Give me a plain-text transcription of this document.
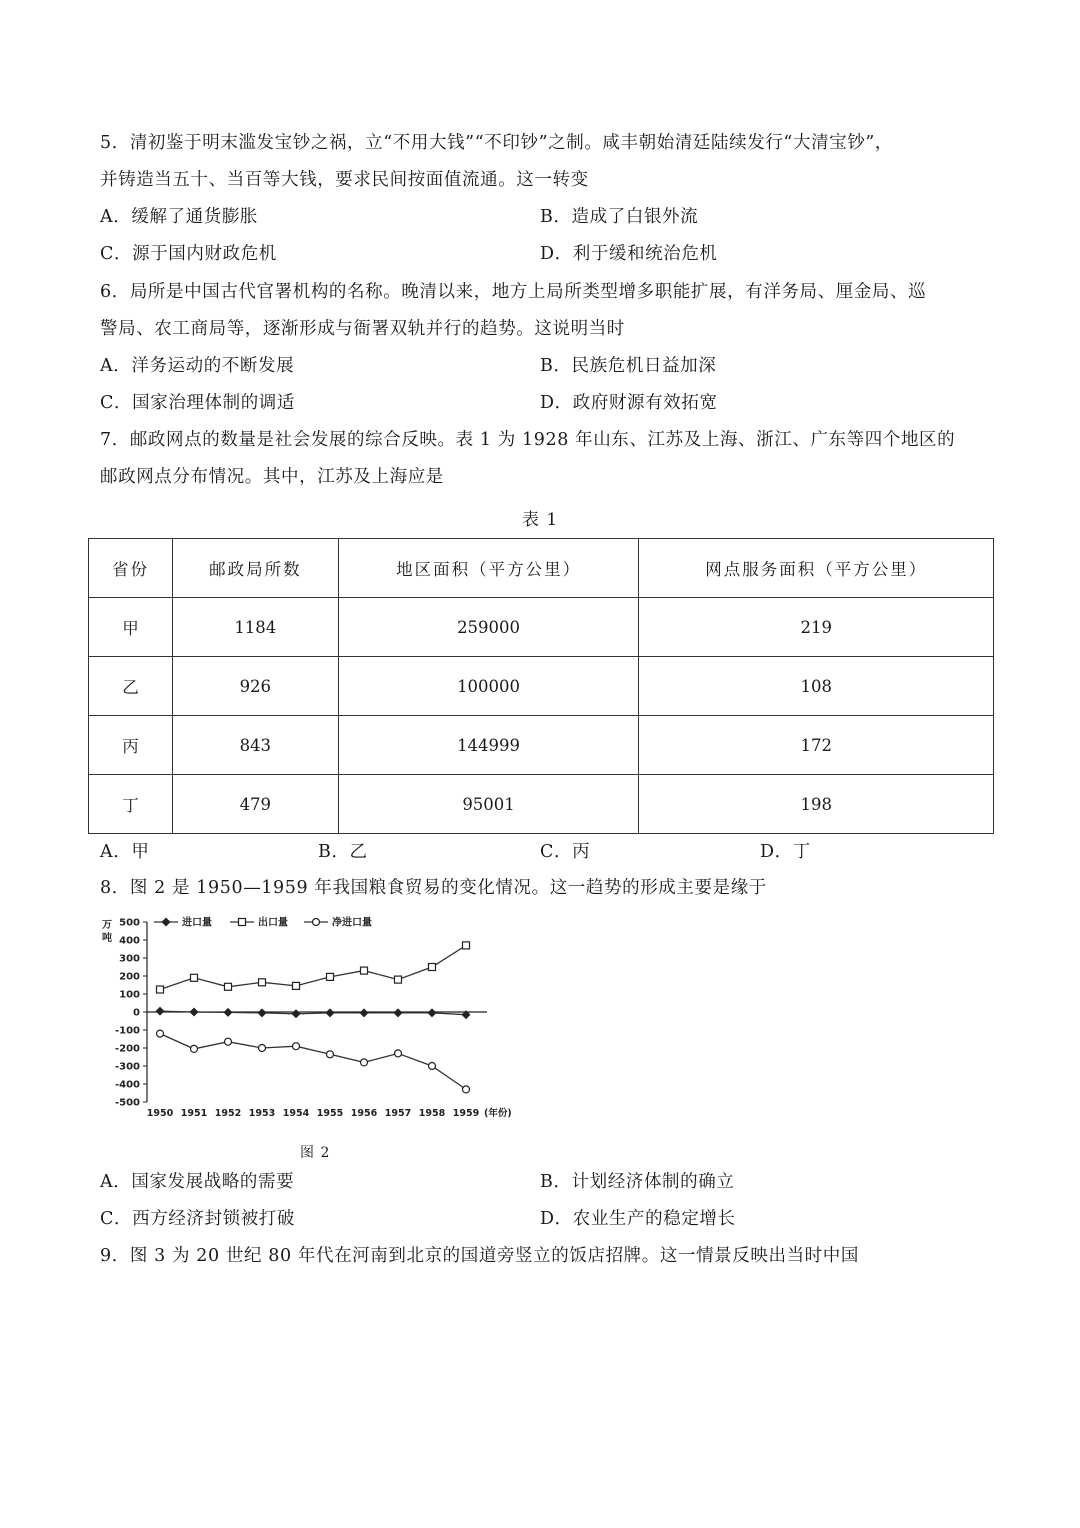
5．清初鉴于明末滥发宝钞之祸，立“不用大钱”“不印钞”之制。咸丰朝始清廷陆续发行“大清宝钞”，
并铸造当五十、当百等大钱，要求民间按面值流通。这一转变
A．缓解了通货膨胀	B．造成了白银外流
C．源于国内财政危机	D．利于缓和统治危机
6．局所是中国古代官署机构的名称。晚清以来，地方上局所类型增多职能扩展，有洋务局、厘金局、巡
警局、农工商局等，逐渐形成与衙署双轨并行的趋势。这说明当时
A．洋务运动的不断发展	B．民族危机日益加深
C．国家治理体制的调适	D．政府财源有效拓宽
7．邮政网点的数量是社会发展的综合反映。表 1 为 1928 年山东、江苏及上海、浙江、广东等四个地区的
邮政网点分布情况。其中，江苏及上海应是
表 1
省份	邮政局所数	地区面积（平方公里）	网点服务面积（平方公里）
甲	1184	259000	219
乙	926	100000	108
丙	843	144999	172
丁	479	95001	198
A．甲	B．乙	C．丙	D．丁
8．图 2 是 1950—1959 年我国粮食贸易的变化情况。这一趋势的形成主要是缘于
500
400
300
200
100
0
-100
-200
-300
-400
-500
万
吨
1950 1951 1952 1953 1954 1955 1956 1957 1958 1959 (年份)
进口量	出口量	净进口量
图 2
A．国家发展战略的需要	B．计划经济体制的确立
C．西方经济封锁被打破	D．农业生产的稳定增长
9．图 3 为 20 世纪 80 年代在河南到北京的国道旁竖立的饭店招牌。这一情景反映出当时中国
